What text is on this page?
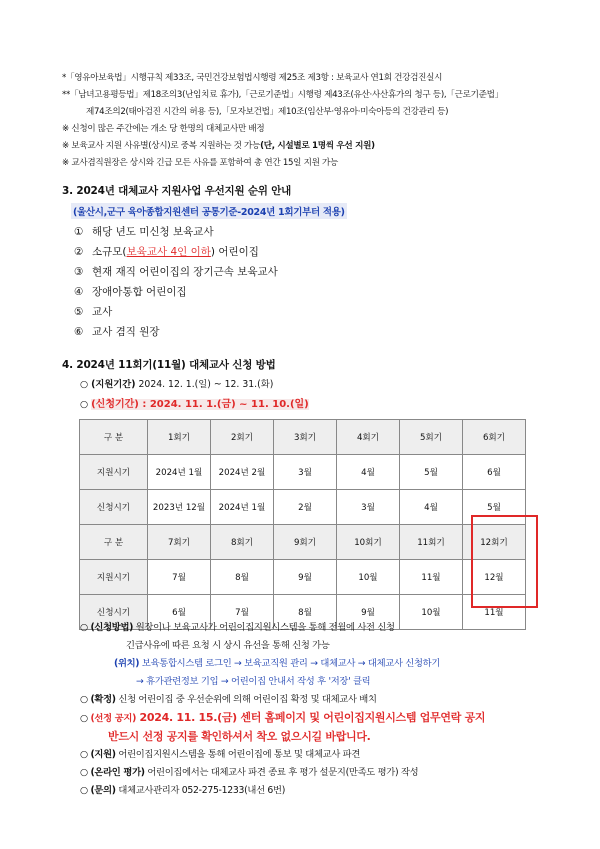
*「영유아보육법」시행규칙 제33조, 국민건강보험법시행령 제25조 제3항 : 보육교사 연1회 건강검진실시
**「남녀고용평등법」제18조의3(난임치료 휴가),「근로기준법」시행령 제43조(유산·사산휴가의 청구 등),「근로기준법」
제74조의2(태아검진 시간의 허용 등),「모자보건법」제10조(임산부·영유아·미숙아등의 건강관리 등)
※ 신청이 많은 주간에는 개소 당 한명의 대체교사만 배정
※ 보육교사 지원 사유별(상시)로 중복 지원하는 것 가능(단, 시설별로 1명씩 우선 지원)
※ 교사겸직원장은 상시와 긴급 모든 사유를 포함하여 총 연간 15일 지원 가능
3. 2024년 대체교사 지원사업 우선지원 순위 안내
(울산시,군구 육아종합지원센터 공통기준-2024년 1회기부터 적용)
① 해당 년도 미신청 보육교사
② 소규모(보육교사 4인 이하) 어린이집
③ 현재 재직 어린이집의 장기근속 보육교사
④ 장애아통합 어린이집
⑤ 교사
⑥ 교사 겸직 원장
4. 2024년 11회기(11월) 대체교사 신청 방법
○ (지원기간) 2024. 12. 1.(일) ~ 12. 31.(화)
○ (신청기간) : 2024. 11. 1.(금) ~ 11. 10.(일)
구 분	1회기	2회기	3회기	4회기	5회기	6회기
지원시기	2024년 1월	2024년 2월	3월	4월	5월	6월
신청시기	2023년 12월	2024년 1월	2월	3월	4월	5월
구 분	7회기	8회기	9회기	10회기	11회기	12회기
지원시기	7월	8월	9월	10월	11월	12월
신청시기	6월	7월	8월	9월	10월	11월
○ (신청방법) 원장이나 보육교사가 어린이집지원시스템을 통해 전월에 사전 신청
긴급사유에 따른 요청 시 상시 유선을 통해 신청 가능
(위치) 보육통합시스템 로그인 → 보육교직원 관리 → 대체교사 → 대체교사 신청하기
→ 휴가관련정보 기입 → 어린이집 안내서 작성 후 '저장' 클릭
○ (확정) 신청 어린이집 중 우선순위에 의해 어린이집 확정 및 대체교사 배치
○ (선정 공지) 2024. 11. 15.(금) 센터 홈페이지 및 어린이집지원시스템 업무연락 공지
반드시 선정 공지를 확인하셔서 착오 없으시길 바랍니다.
○ (지원) 어린이집지원시스템을 통해 어린이집에 통보 및 대체교사 파견
○ (온라인 평가) 어린이집에서는 대체교사 파견 종료 후 평가 설문지(만족도 평가) 작성
○ (문의) 대체교사관리자 052-275-1233(내선 6번)
